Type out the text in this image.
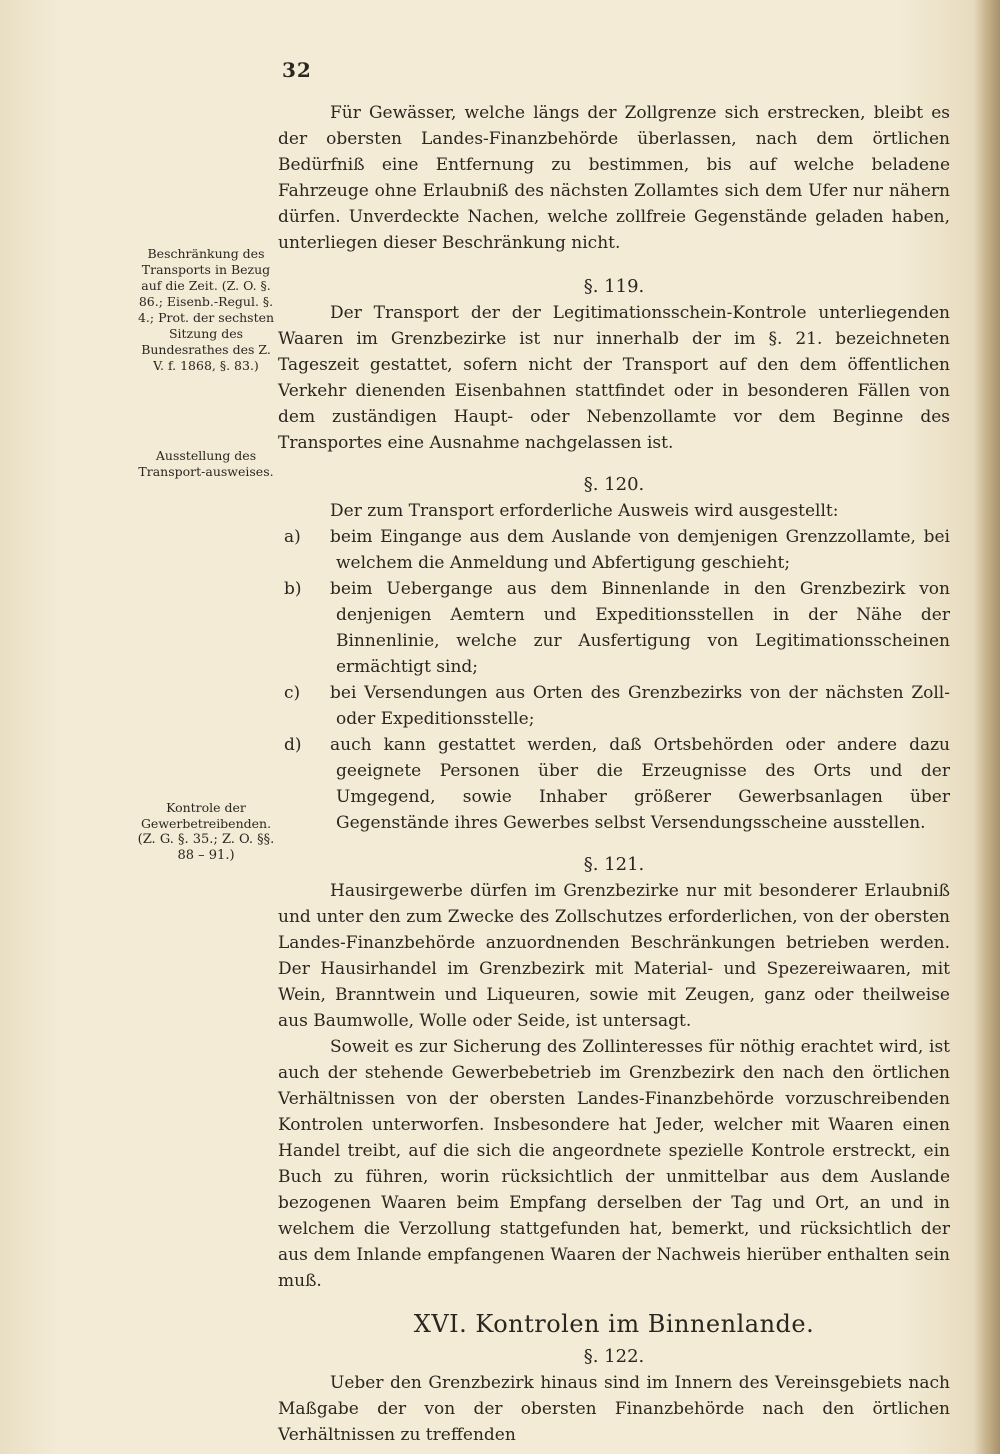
32
Beschränkung des Transports in Bezug auf die Zeit. (Z. O. §. 86.; Eisenb.-Regul. §. 4.; Prot. der sechsten Sitzung des Bundesrathes des Z. V. f. 1868, §. 83.)
Ausstellung des Transport-ausweises.
Kontrole der Gewerbetreibenden.
(Z. G. §. 35.; Z. O. §§. 88 – 91.)

Für Gewässer, welche längs der Zollgrenze sich erstrecken, bleibt es der obersten Landes-Finanzbehörde überlassen, nach dem örtlichen Bedürfniß eine Entfernung zu bestimmen, bis auf welche beladene Fahrzeuge ohne Erlaubniß des nächsten Zollamtes sich dem Ufer nur nähern dürfen. Unverdeckte Nachen, welche zollfreie Gegenstände geladen haben, unterliegen dieser Beschränkung nicht.

§. 119.

Der Transport der der Legitimationsschein-Kontrole unterliegenden Waaren im Grenzbezirke ist nur innerhalb der im §. 21. bezeichneten Tageszeit gestattet, sofern nicht der Transport auf den dem öffentlichen Verkehr dienenden Eisenbahnen stattfindet oder in besonderen Fällen von dem zuständigen Haupt- oder Nebenzollamte vor dem Beginne des Transportes eine Ausnahme nachgelassen ist.

§. 120.

Der zum Transport erforderliche Ausweis wird ausgestellt:

a) beim Eingange aus dem Auslande von demjenigen Grenzzollamte, bei welchem die Anmeldung und Abfertigung geschieht;

b) beim Uebergange aus dem Binnenlande in den Grenzbezirk von denjenigen Aemtern und Expeditionsstellen in der Nähe der Binnenlinie, welche zur Ausfertigung von Legitimationsscheinen ermächtigt sind;

c) bei Versendungen aus Orten des Grenzbezirks von der nächsten Zoll- oder Expeditionsstelle;

d) auch kann gestattet werden, daß Ortsbehörden oder andere dazu geeignete Personen über die Erzeugnisse des Orts und der Umgegend, sowie Inhaber größerer Gewerbsanlagen über Gegenstände ihres Gewerbes selbst Versendungsscheine ausstellen.

§. 121.

Hausirgewerbe dürfen im Grenzbezirke nur mit besonderer Erlaubniß und unter den zum Zwecke des Zollschutzes erforderlichen, von der obersten Landes-Finanzbehörde anzuordnenden Beschränkungen betrieben werden. Der Hausirhandel im Grenzbezirk mit Material- und Spezereiwaaren, mit Wein, Branntwein und Liqueuren, sowie mit Zeugen, ganz oder theilweise aus Baumwolle, Wolle oder Seide, ist untersagt.

Soweit es zur Sicherung des Zollinteresses für nöthig erachtet wird, ist auch der stehende Gewerbebetrieb im Grenzbezirk den nach den örtlichen Verhältnissen von der obersten Landes-Finanzbehörde vorzuschreibenden Kontrolen unterworfen. Insbesondere hat Jeder, welcher mit Waaren einen Handel treibt, auf die sich die angeordnete spezielle Kontrole erstreckt, ein Buch zu führen, worin rücksichtlich der unmittelbar aus dem Auslande bezogenen Waaren beim Empfang derselben der Tag und Ort, an und in welchem die Verzollung stattgefunden hat, bemerkt, und rücksichtlich der aus dem Inlande empfangenen Waaren der Nachweis hierüber enthalten sein muß.

XVI. Kontrolen im Binnenlande.
§. 122.

Ueber den Grenzbezirk hinaus sind im Innern des Vereinsgebiets nach Maßgabe der von der obersten Finanzbehörde nach den örtlichen Verhältnissen zu treffenden
